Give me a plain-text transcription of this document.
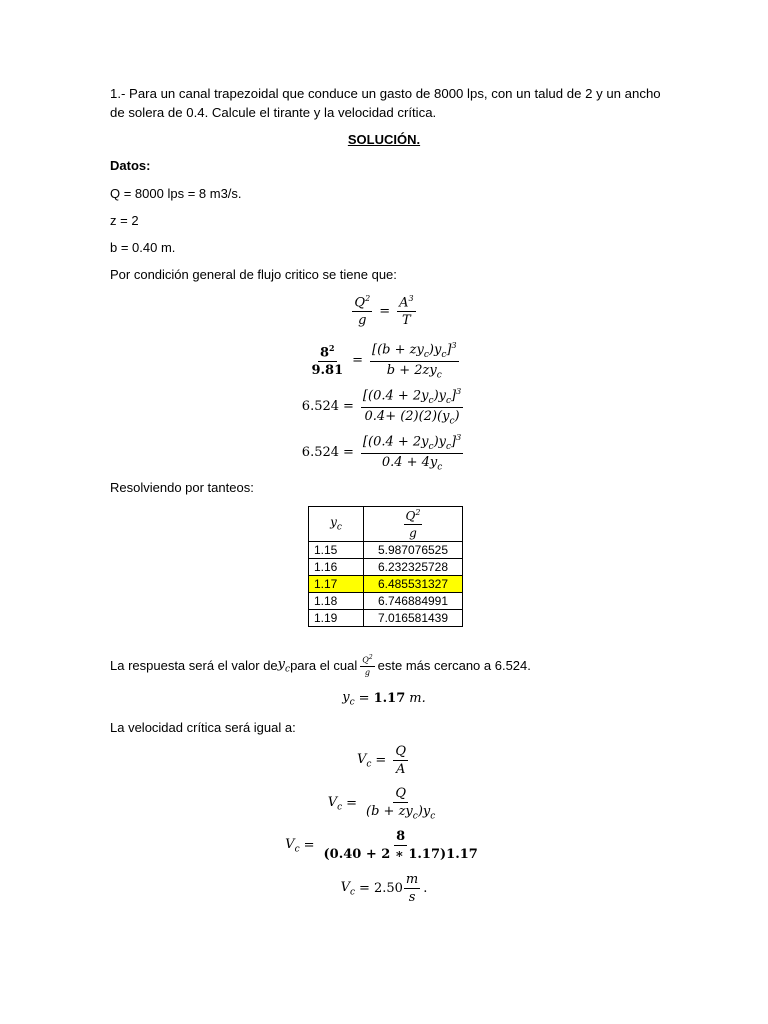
1.- Para un canal trapezoidal que conduce un gasto de 8000 lps, con un talud de 2 y un ancho
de solera de 0.4. Calcule el tirante y la velocidad crítica.
SOLUCIÓN.
Datos:
Q = 8000 lps = 8 m3/s.
z = 2
b = 0.40 m.
Por condición general de flujo critico se tiene que:
$\frac{Q^2}{g} = \frac{A^3}{T}$
$\frac{8^2}{9.81} = \frac{[(b + zy_c)y_c]^3}{b + 2zy_c}$
$6.524 = \frac{[(0.4 + 2y_c)y_c]^3}{0.4+ (2)(2)(y_c)}$
$6.524 = \frac{[(0.4 + 2y_c)y_c]^3}{0.4 + 4y_c}$
Resolviendo por tanteos:
$y_c$	$\frac{Q^2}{g}$

1.15	5.987076525
1.16	6.232325728
1.17	6.485531327
1.18	6.746884991
1.19	7.016581439
La respuesta será el valor de $y_c$ para el cual $\frac{Q^2}{g}$ este más cercano a 6.524.
$y_c = 1.17$ m.
La velocidad crítica será igual a:
$V_c = \frac{Q}{A}$
$V_c = \frac{Q}{(b + zy_c)y_c}$
$V_c = \frac{8}{(0.40 + 2 ∗ 1.17)1.17}$
$V_c = 2.50 \frac{m}{s}$ .
